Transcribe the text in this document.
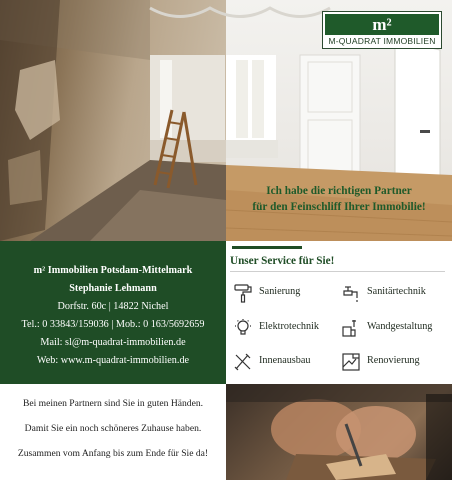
m²
M-QUADRAT IMMOBILIEN
Ich habe die richtigen Partner
für den Feinschliff Ihrer Immobilie!
m² Immobilien Potsdam-Mittelmark
Stephanie Lehmann
Dorfstr. 60c | 14822 Nichel
Tel.: 0 33843/159036 | Mob.: 0 163/5692659
Mail: sl@m-quadrat-immobilien.de
Web: www.m-quadrat-immobilien.de
Unser Service für Sie!
Sanierung	Sanitärtechnik
Elektrotechnik	Wandgestaltung
Innenausbau	Renovierung
Bei meinen Partnern sind Sie in guten Händen.
Damit Sie ein noch schöneres Zuhause haben.
Zusammen vom Anfang bis zum Ende für Sie da!
